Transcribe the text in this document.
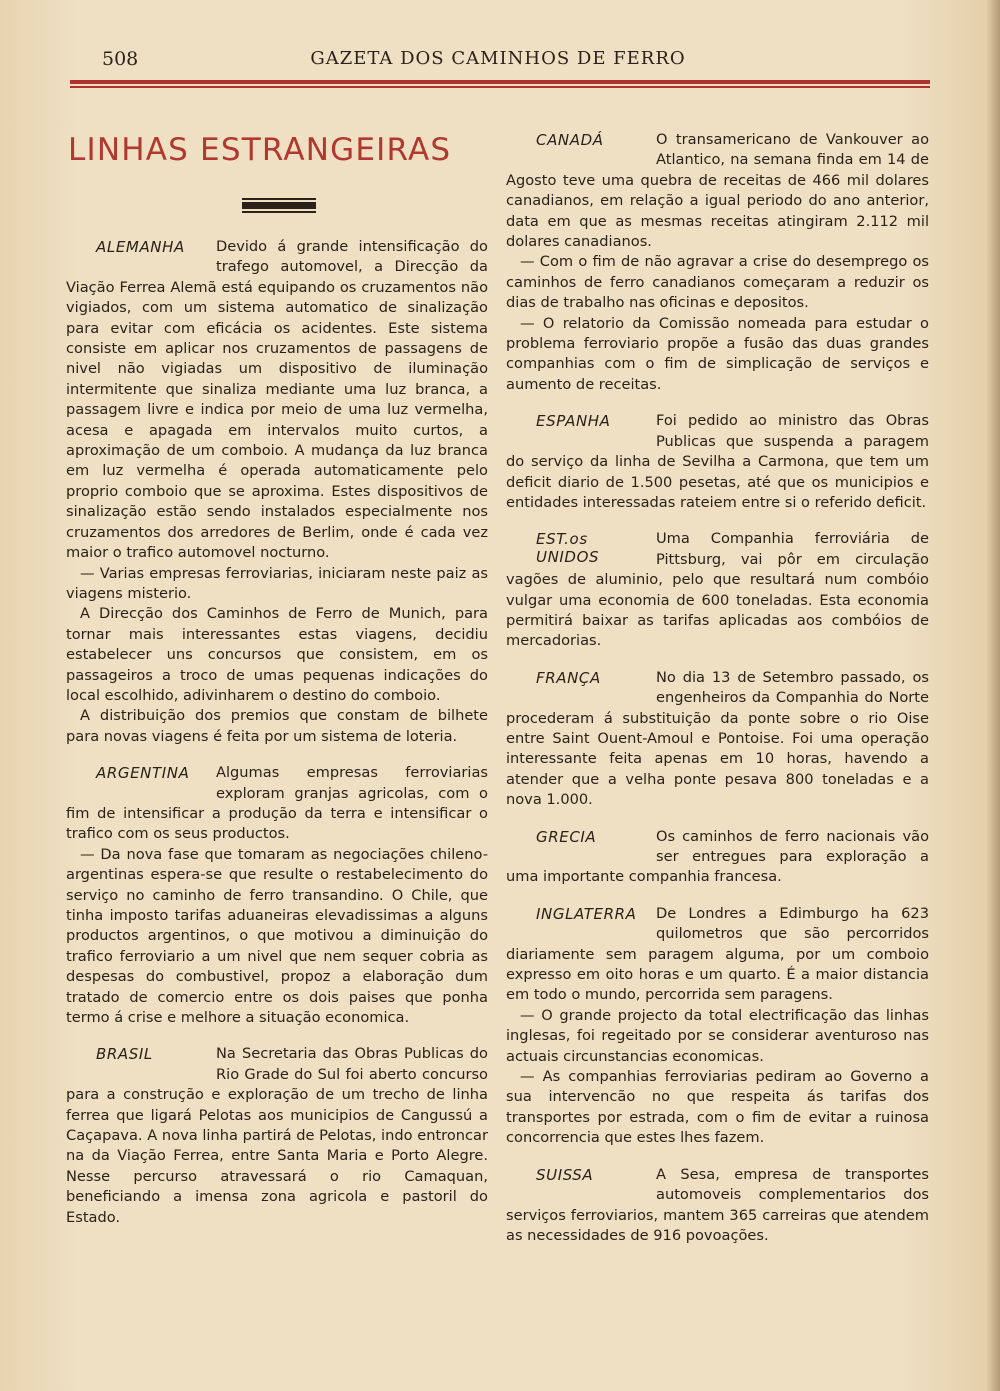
508	GAZETA DOS CAMINHOS DE FERRO
LINHAS ESTRANGEIRAS
ALEMANHA	Devido á grande intensificação do trafego automovel, a Direcção da Viação Ferrea Alemã está equipando os cruzamentos não vigiados, com um sistema automatico de sinalização para evitar com eficácia os acidentes. Este sistema consiste em aplicar nos cruzamentos de passagens de nivel não vigiadas um dispositivo de iluminação intermitente que sinaliza mediante uma luz branca, a passagem livre e indica por meio de uma luz vermelha, acesa e apagada em intervalos muito curtos, a aproximação de um comboio. A mudança da luz branca em luz vermelha é operada automaticamente pelo proprio comboio que se aproxima. Estes dispositivos de sinalização estão sendo instalados especialmente nos cruzamentos dos arredores de Berlim, onde é cada vez maior o trafico automovel nocturno.

— Varias empresas ferroviarias, iniciaram neste paiz as viagens misterio.

A Direcção dos Caminhos de Ferro de Munich, para tornar mais interessantes estas viagens, decidiu estabelecer uns concursos que consistem, em os passageiros a troco de umas pequenas indicações do local escolhido, adivinharem o destino do comboio.

A distribuição dos premios que constam de bilhete para novas viagens é feita por um sistema de loteria.

ARGENTINA	Algumas empresas ferroviarias exploram granjas agricolas, com o fim de intensificar a produção da terra e intensificar o trafico com os seus productos.

— Da nova fase que tomaram as negociações chileno-argentinas espera-se que resulte o restabelecimento do serviço no caminho de ferro transandino. O Chile, que tinha imposto tarifas aduaneiras elevadissimas a alguns productos argentinos, o que motivou a diminuição do trafico ferroviario a um nivel que nem sequer cobria as despesas do combustivel, propoz a elaboração dum tratado de comercio entre os dois paises que ponha termo á crise e melhore a situação economica.

BRASIL	Na Secretaria das Obras Publicas do Rio Grade do Sul foi aberto concurso para a construção e exploração de um trecho de linha ferrea que ligará Pelotas aos municipios de Cangussú a Caçapava. A nova linha partirá de Pelotas, indo entroncar na da Viação Ferrea, entre Santa Maria e Porto Alegre. Nesse percurso atravessará o rio Camaquan, beneficiando a imensa zona agricola e pastoril do Estado.

CANADÁ	O transamericano de Vankouver ao Atlantico, na semana finda em 14 de Agosto teve uma quebra de receitas de 466 mil dolares canadianos, em relação a igual periodo do ano anterior, data em que as mesmas receitas atingiram 2.112 mil dolares canadianos.

— Com o fim de não agravar a crise do desemprego os caminhos de ferro canadianos começaram a reduzir os dias de trabalho nas oficinas e depositos.

— O relatorio da Comissão nomeada para estudar o problema ferroviario propõe a fusão das duas grandes companhias com o fim de simplicação de serviços e aumento de receitas.

ESPANHA	Foi pedido ao ministro das Obras Publicas que suspenda a paragem do serviço da linha de Sevilha a Carmona, que tem um deficit diario de 1.500 pesetas, até que os municipios e entidades interessadas rateiem entre si o referido deficit.

EST.os UNIDOS

Uma Companhia ferroviária de Pittsburg, vai pôr em circulação vagões de aluminio, pelo que resultará num combóio vulgar uma economia de 600 toneladas. Esta economia permitirá baixar as tarifas aplicadas aos combóios de mercadorias.

FRANÇA	No dia 13 de Setembro passado, os engenheiros da Companhia do Norte procederam á substituição da ponte sobre o rio Oise entre Saint Ouent-Amoul e Pontoise. Foi uma operação interessante feita apenas em 10 horas, havendo a atender que a velha ponte pesava 800 toneladas e a nova 1.000.

GRECIA	Os caminhos de ferro nacionais vão ser entregues para exploração a uma importante companhia francesa.

INGLATERRA	De Londres a Edimburgo ha 623 quilometros que são percorridos diariamente sem paragem alguma, por um comboio expresso em oito horas e um quarto. É a maior distancia em todo o mundo, percorrida sem paragens.

— O grande projecto da total electrificação das linhas inglesas, foi regeitado por se considerar aventuroso nas actuais circunstancias economicas.

— As companhias ferroviarias pediram ao Governo a sua intervencão no que respeita ás tarifas dos transportes por estrada, com o fim de evitar a ruinosa concorrencia que estes lhes fazem.

SUISSA	A Sesa, empresa de transportes automoveis complementarios dos serviços ferroviarios, mantem 365 carreiras que atendem as necessidades de 916 povoações.
